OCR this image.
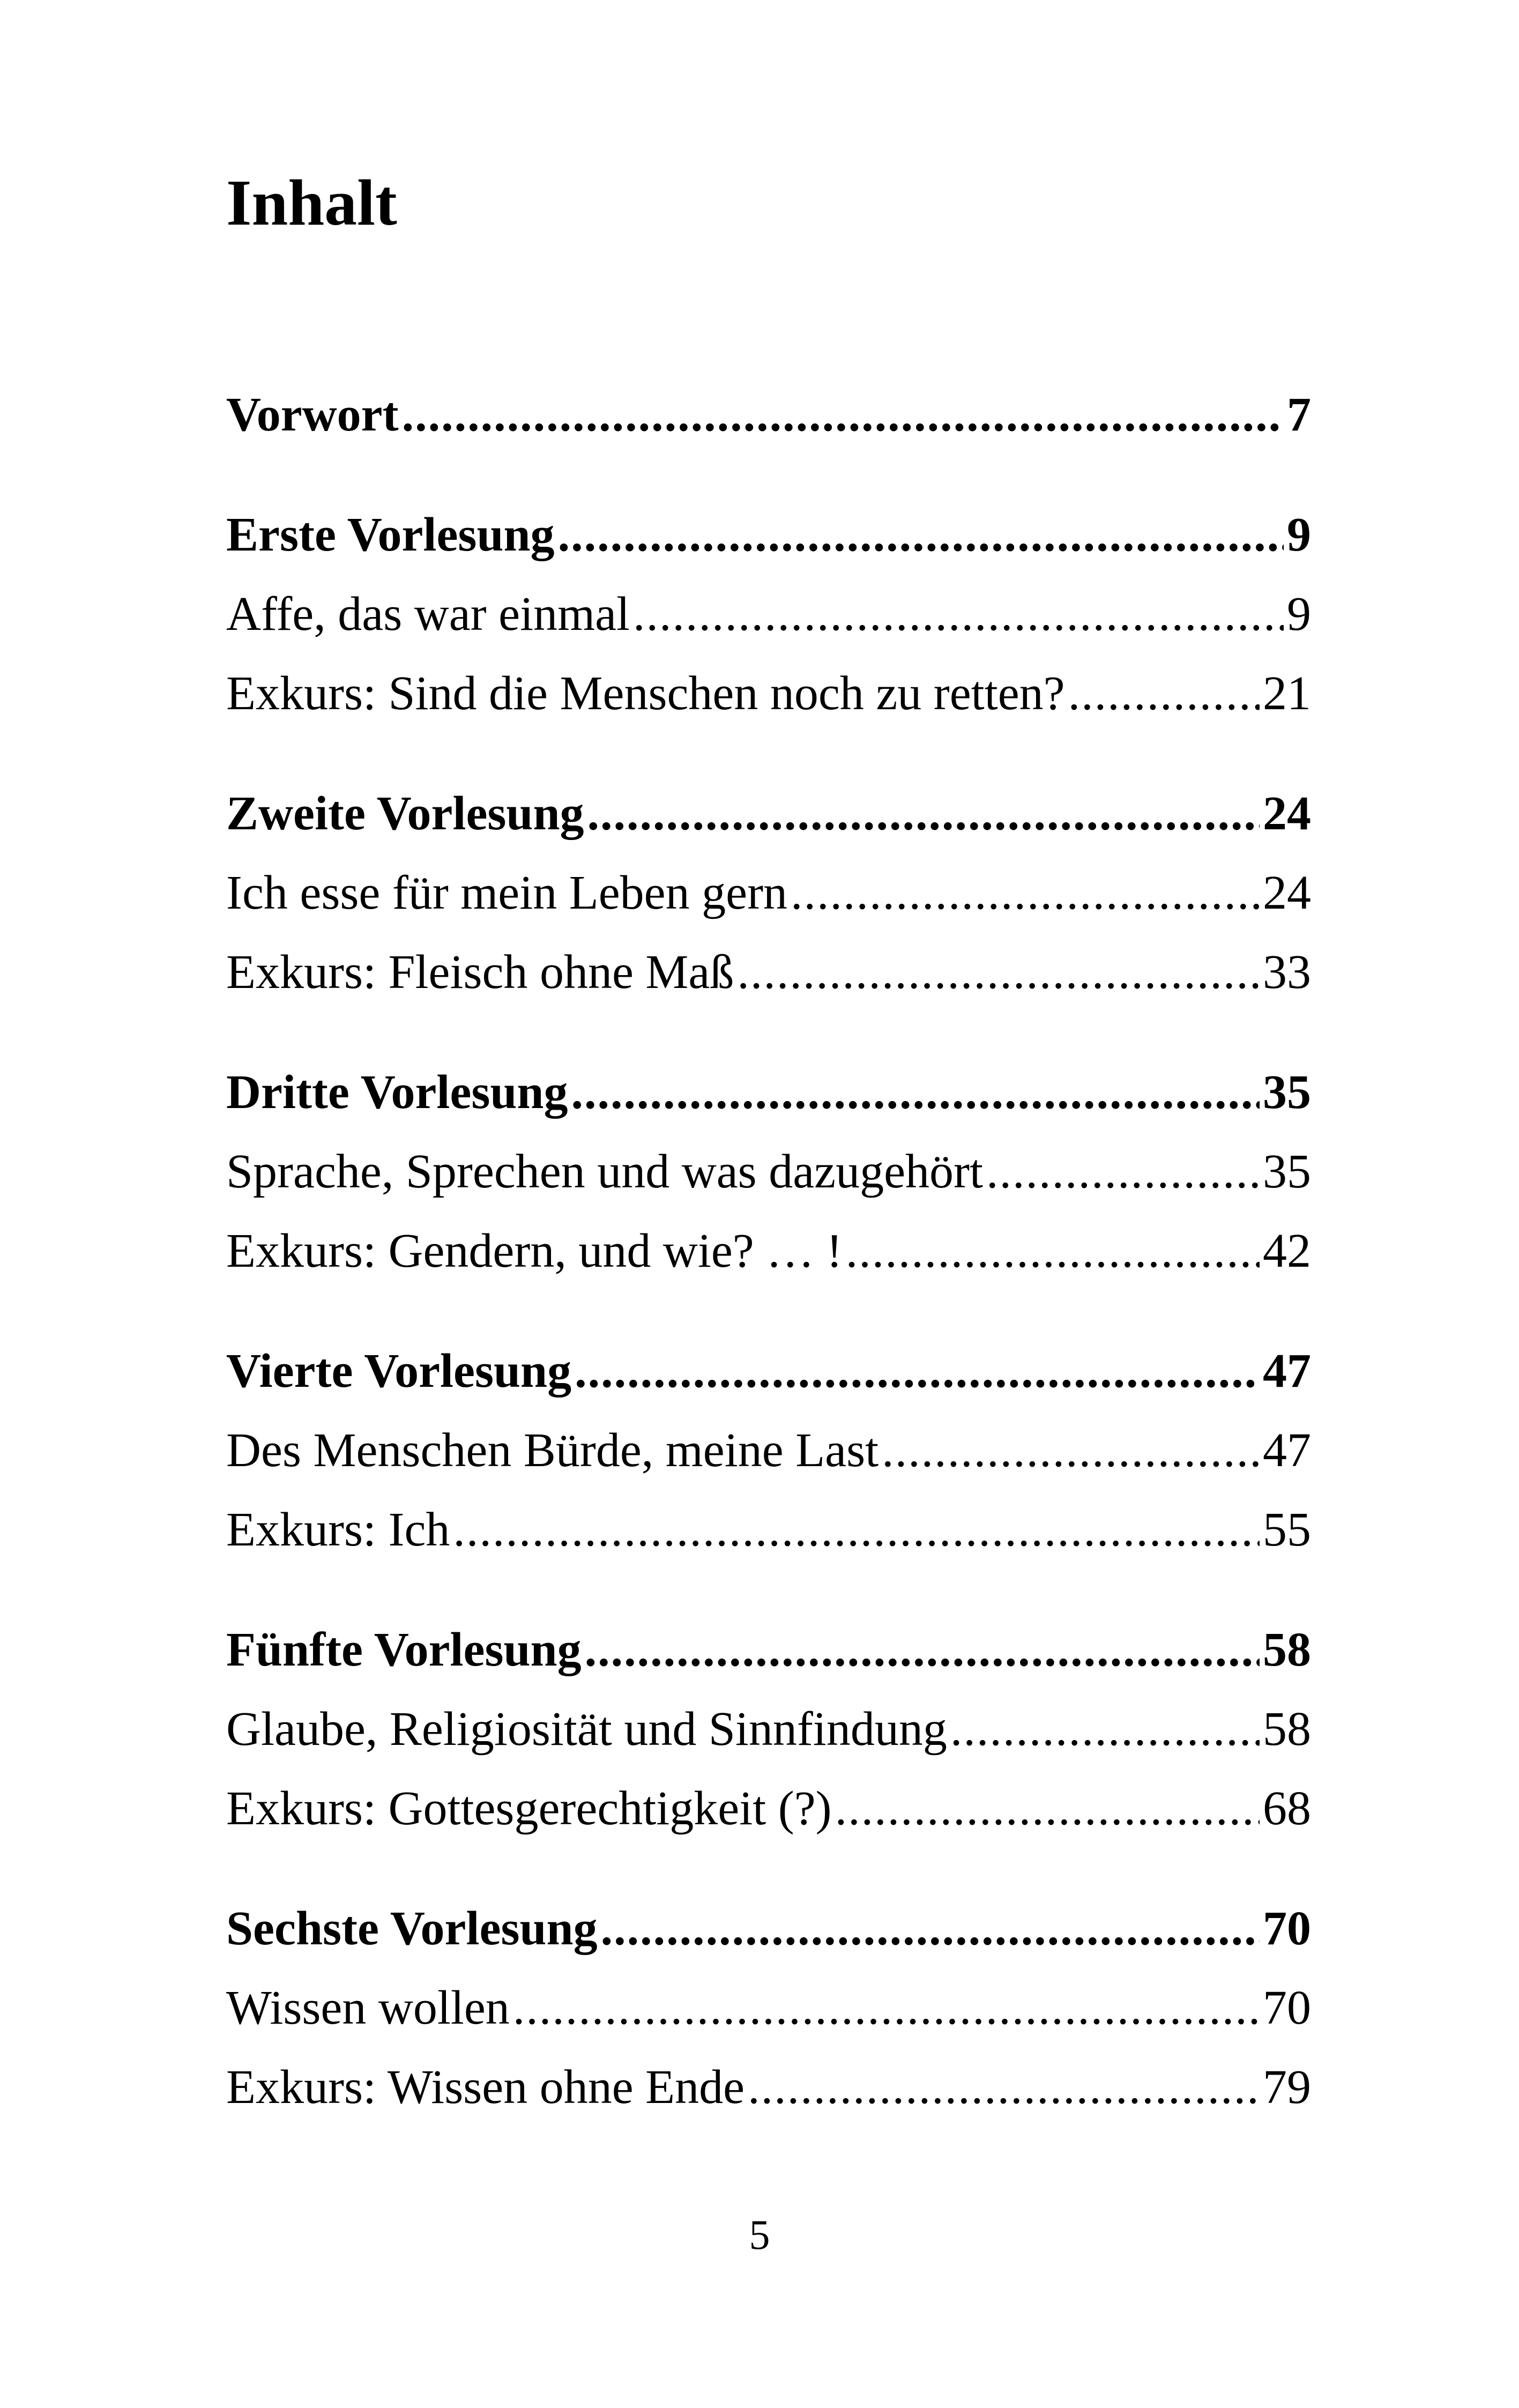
Inhalt
Vorwort .....	7
Erste Vorlesung .....	9
Affe, das war einmal .....	9
Exkurs: Sind die Menschen noch zu retten? .....	21
Zweite Vorlesung .....	24
Ich esse für mein Leben gern .....	24
Exkurs: Fleisch ohne Maß .....	33
Dritte Vorlesung .....	35
Sprache, Sprechen und was dazugehört .....	35
Exkurs: Gendern, und wie? … ! .....	42
Vierte Vorlesung .....	47
Des Menschen Bürde, meine Last .....	47
Exkurs: Ich .....	55
Fünfte Vorlesung .....	58
Glaube, Religiosität und Sinnfindung .....	58
Exkurs: Gottesgerechtigkeit (?) .....	68
Sechste Vorlesung .....	70
Wissen wollen .....	70
Exkurs: Wissen ohne Ende .....	79
5
